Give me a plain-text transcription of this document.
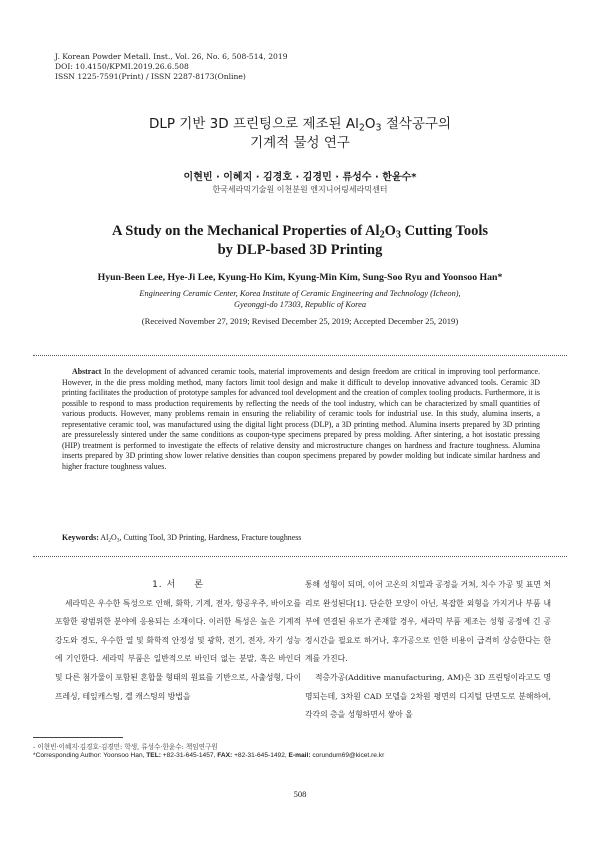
J. Korean Powder Metall. Inst., Vol. 26, No. 6, 508-514, 2019
DOI: 10.4150/KPMI.2019.26.6.508
ISSN 1225-7591(Print) / ISSN 2287-8173(Online)
DLP 기반 3D 프린팅으로 제조된 $Al_2O_3$ 절삭공구의
기계적 물성 연구
이현빈 · 이혜지 · 김경호 · 김경민 · 류성수 · 한윤수*
한국세라믹기술원 이천분원 엔지니어링세라믹센터
A Study on the Mechanical Properties of $Al_2O_3$ Cutting Tools
by DLP-based 3D Printing
Hyun-Been Lee, Hye-Ji Lee, Kyung-Ho Kim, Kyung-Min Kim, Sung-Soo Ryu and Yoonsoo Han*
Engineering Ceramic Center, Korea Institute of Ceramic Engineering and Technology (Icheon),
Gyeonggi-do 17303, Republic of Korea
(Received November 27, 2019; Revised December 25, 2019; Accepted December 25, 2019)
Abstract In the development of advanced ceramic tools, material improvements and design freedom are critical in improving tool performance. However, in the die press molding method, many factors limit tool design and make it difficult to develop innovative advanced tools. Ceramic 3D printing facilitates the production of prototype samples for advanced tool development and the creation of complex tooling products. Furthermore, it is possible to respond to mass production requirements by reflecting the needs of the tool industry, which can be characterized by small quantities of various products. However, many problems remain in ensuring the reliability of ceramic tools for industrial use. In this study, alumina inserts, a representative ceramic tool, was manufactured using the digital light process (DLP), a 3D printing method. Alumina inserts prepared by 3D printing are pressurelessly sintered under the same conditions as coupon-type specimens prepared by press molding. After sintering, a hot isostatic pressing (HIP) treatment is performed to investigate the effects of relative density and microstructure changes on hardness and fracture toughness. Alumina inserts prepared by 3D printing show lower relative densities than coupon specimens prepared by powder molding but indicate similar hardness and higher fracture toughness values.
Keywords: $Al_2O_3$, Cutting Tool, 3D Printing, Hardness, Fracture toughness

1. 서 론

세라믹은 우수한 특성으로 인해, 화학, 기계, 전자, 항공우주, 바이오를 포함한 광범위한 분야에 응용되는 소재이다. 이러한 특성은 높은 기계적 강도와 경도, 우수한 열 및 화학적 안정성 및 광학, 전기, 전자, 자기 성능에 기인한다. 세라믹 부품은 일반적으로 바인더 없는 분말, 혹은 바인더 및 다른 첨가물이 포함된 혼합물 형태의 원료를 기반으로, 사출성형, 다이 프레싱, 테잎캐스팅, 겔 캐스팅의 방법을

통해 성형이 되며, 이어 고온의 치밀과 공정을 거쳐, 치수 가공 및 표면 처리로 완성된다[1]. 단순한 모양이 아닌, 복잡한 외형을 가지거나 부품 내부에 연결된 유로가 존재할 경우, 세라믹 부품 제조는 성형 공정에 긴 공정시간을 필요로 하거나, 후가공으로 인한 비용이 급격히 상승한다는 한계를 가진다.

적층가공(Additive manufacturing, AM)은 3D 프린팅이라고도 명명되는데, 3차원 CAD 모델을 2차원 평면의 디지털 단면도로 분해하여, 각각의 층을 성형하면서 쌓아 올

- 이현빈·이혜지·김경호·김경민: 학생, 류성수·한윤수: 책임연구원
*Corresponding Author: Yoonsoo Han, TEL: +82-31-645-1457, FAX: +82-31-645-1492, E-mail: corundum69@kicet.re.kr
508
